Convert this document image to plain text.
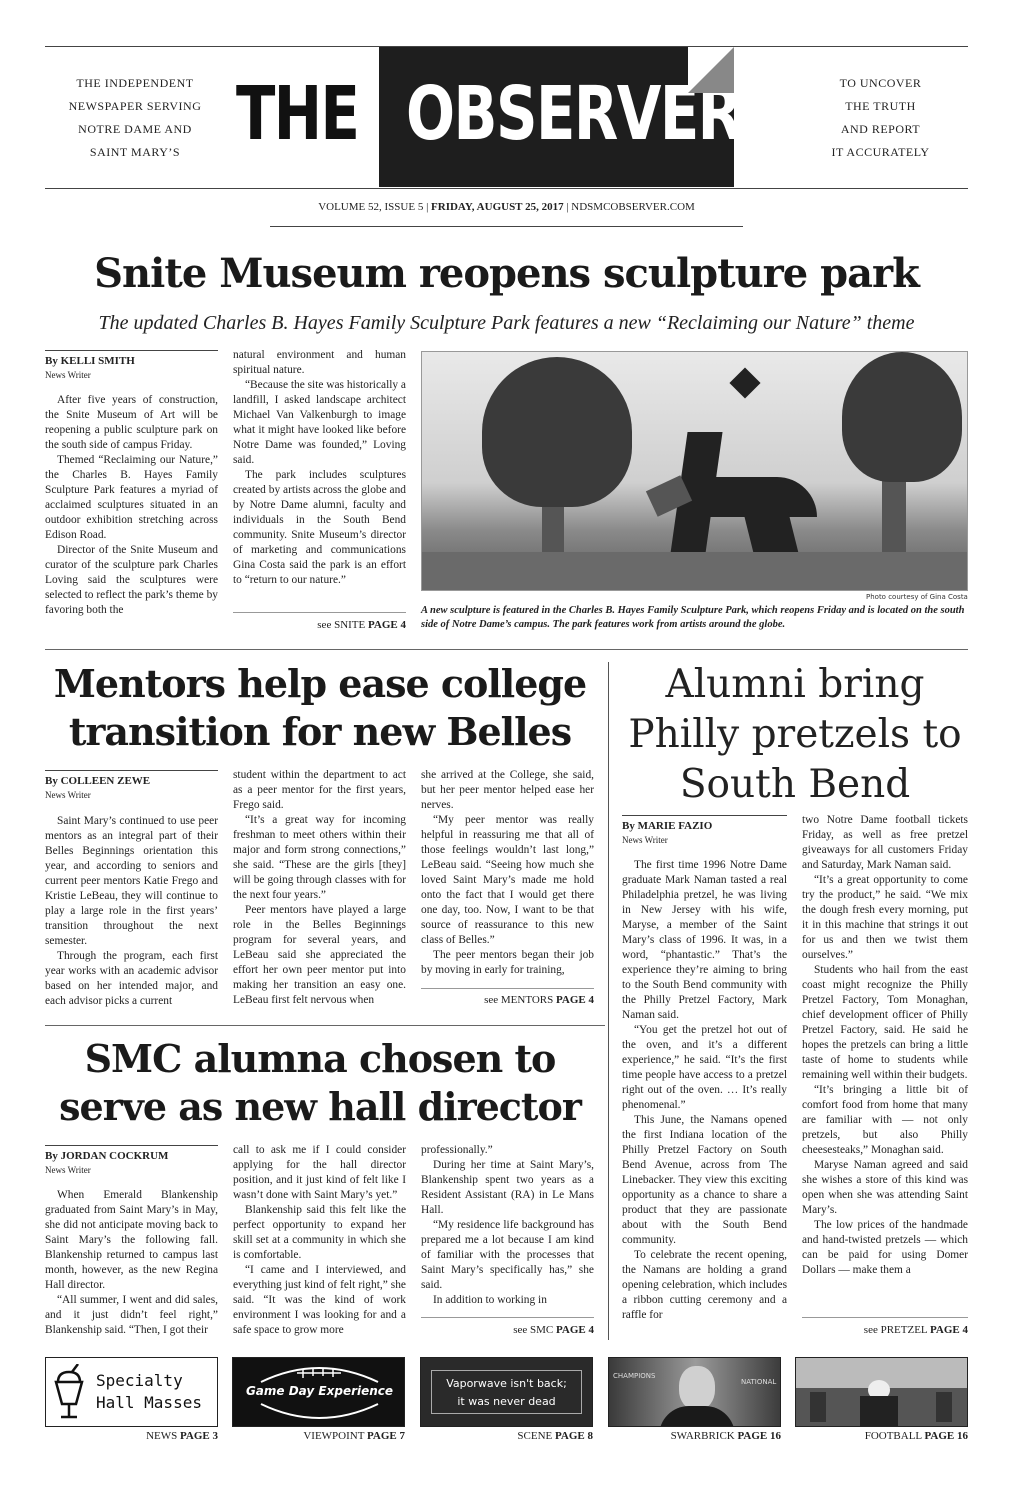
THE INDEPENDENT
NEWSPAPER SERVING
NOTRE DAME AND
SAINT MARY’S THE OBSERVER	TO UNCOVER
THE TRUTH
AND REPORT
IT ACCURATELY
VOLUME 52, ISSUE 5 | FRIDAY, AUGUST 25, 2017 | NDSMCOBSERVER.COM
Snite Museum reopens sculpture park
The updated Charles B. Hayes Family Sculpture Park features a new “Reclaiming our Nature” theme
By KELLI SMITH
News Writer

After five years of construction, the Snite Museum of Art will be reopening a public sculpture park on the south side of campus Friday.

Themed “Reclaiming our Nature,” the Charles B. Hayes Family Sculpture Park features a myriad of acclaimed sculptures situated in an outdoor exhibition stretching across Edison Road.

Director of the Snite Museum and curator of the sculpture park Charles Loving said the sculptures were selected to reflect the park’s theme by favoring both the

natural environment and human spiritual nature.

“Because the site was historically a landfill, I asked landscape architect Michael Van Valkenburgh to image what it might have looked like before Notre Dame was founded,” Loving said.

The park includes sculptures created by artists across the globe and by Notre Dame alumni, faculty and individuals in the South Bend community. Snite Museum’s director of marketing and communications Gina Costa said the park is an effort to “return to our nature.”

see SNITE PAGE 4
Photo courtesy of Gina Costa
A new sculpture is featured in the Charles B. Hayes Family Sculpture Park, which reopens Friday and is located on the south side of Notre Dame’s campus. The park features work from artists around the globe.
Mentors help ease college
transition for new Belles
By COLLEEN ZEWE
News Writer

Saint Mary’s continued to use peer mentors as an integral part of their Belles Beginnings orientation this year, and according to seniors and current peer mentors Katie Frego and Kristie LeBeau, they will continue to play a large role in the first years’ transition throughout the next semester.

Through the program, each first year works with an academic advisor based on her intended major, and each advisor picks a current

student within the department to act as a peer mentor for the first years, Frego said.

“It’s a great way for incoming freshman to meet others within their major and form strong connections,” she said. “These are the girls [they] will be going through classes with for the next four years.”

Peer mentors have played a large role in the Belles Beginnings program for several years, and LeBeau said she appreciated the effort her own peer mentor put into making her transition an easy one. LeBeau first felt nervous when

she arrived at the College, she said, but her peer mentor helped ease her nerves.

“My peer mentor was really helpful in reassuring me that all of those feelings wouldn’t last long,” LeBeau said. “Seeing how much she loved Saint Mary’s made me hold onto the fact that I would get there one day, too. Now, I want to be that source of reassurance to this new class of Belles.”

The peer mentors began their job by moving in early for training,

see MENTORS PAGE 4
SMC alumna chosen to
serve as new hall director
By JORDAN COCKRUM
News Writer

When Emerald Blankenship graduated from Saint Mary’s in May, she did not anticipate moving back to Saint Mary’s the following fall. Blankenship returned to campus last month, however, as the new Regina Hall director.

“All summer, I went and did sales, and it just didn’t feel right,” Blankenship said. “Then, I got their

call to ask me if I could consider applying for the hall director position, and it just kind of felt like I wasn’t done with Saint Mary’s yet.”

Blankenship said this felt like the perfect opportunity to expand her skill set at a community in which she is comfortable.

“I came and I interviewed, and everything just kind of felt right,” she said. “It was the kind of work environment I was looking for and a safe space to grow more

professionally.”

During her time at Saint Mary’s, Blankenship spent two years as a Resident Assistant (RA) in Le Mans Hall.

“My residence life background has prepared me a lot because I am kind of familiar with the processes that Saint Mary’s specifically has,” she said.

In addition to working in

see SMC PAGE 4
Alumni bring
Philly pretzels to
South Bend
By MARIE FAZIO
News Writer

The first time 1996 Notre Dame graduate Mark Naman tasted a real Philadelphia pretzel, he was living in New Jersey with his wife, Maryse, a member of the Saint Mary’s class of 1996. It was, in a word, “phantastic.” That’s the experience they’re aiming to bring to the South Bend community with the Philly Pretzel Factory, Mark Naman said.

“You get the pretzel hot out of the oven, and it’s a different experience,” he said. “It’s the first time people have access to a pretzel right out of the oven. … It’s really phenomenal.”

This June, the Namans opened the first Indiana location of the Philly Pretzel Factory on South Bend Avenue, across from The Linebacker. They view this exciting opportunity as a chance to share a product that they are passionate about with the South Bend community.

To celebrate the recent opening, the Namans are holding a grand opening celebration, which includes a ribbon cutting ceremony and a raffle for

two Notre Dame football tickets Friday, as well as free pretzel giveaways for all customers Friday and Saturday, Mark Naman said.

“It’s a great opportunity to come try the product,” he said. “We mix the dough fresh every morning, put it in this machine that strings it out for us and then we twist them ourselves.”

Students who hail from the east coast might recognize the Philly Pretzel Factory, Tom Monaghan, chief development officer of Philly Pretzel Factory, said. He said he hopes the pretzels can bring a little taste of home to students while remaining well within their budgets.

“It’s bringing a little bit of comfort food from home that many are familiar with — not only pretzels, but also Philly cheesesteaks,” Monaghan said.

Maryse Naman agreed and said she wishes a store of this kind was open when she was attending Saint Mary’s.

The low prices of the handmade and hand-twisted pretzels — which can be paid for using Domer Dollars — make them a

see PRETZEL PAGE 4
Specialty
Hall Masses
Game Day Experience
Vaporwave isn't back;
it was never dead
CHAMPIONS
NATIONAL
NEWS PAGE 3	VIEWPOINT PAGE 7	SCENE PAGE 8	SWARBRICK PAGE 16	FOOTBALL PAGE 16
